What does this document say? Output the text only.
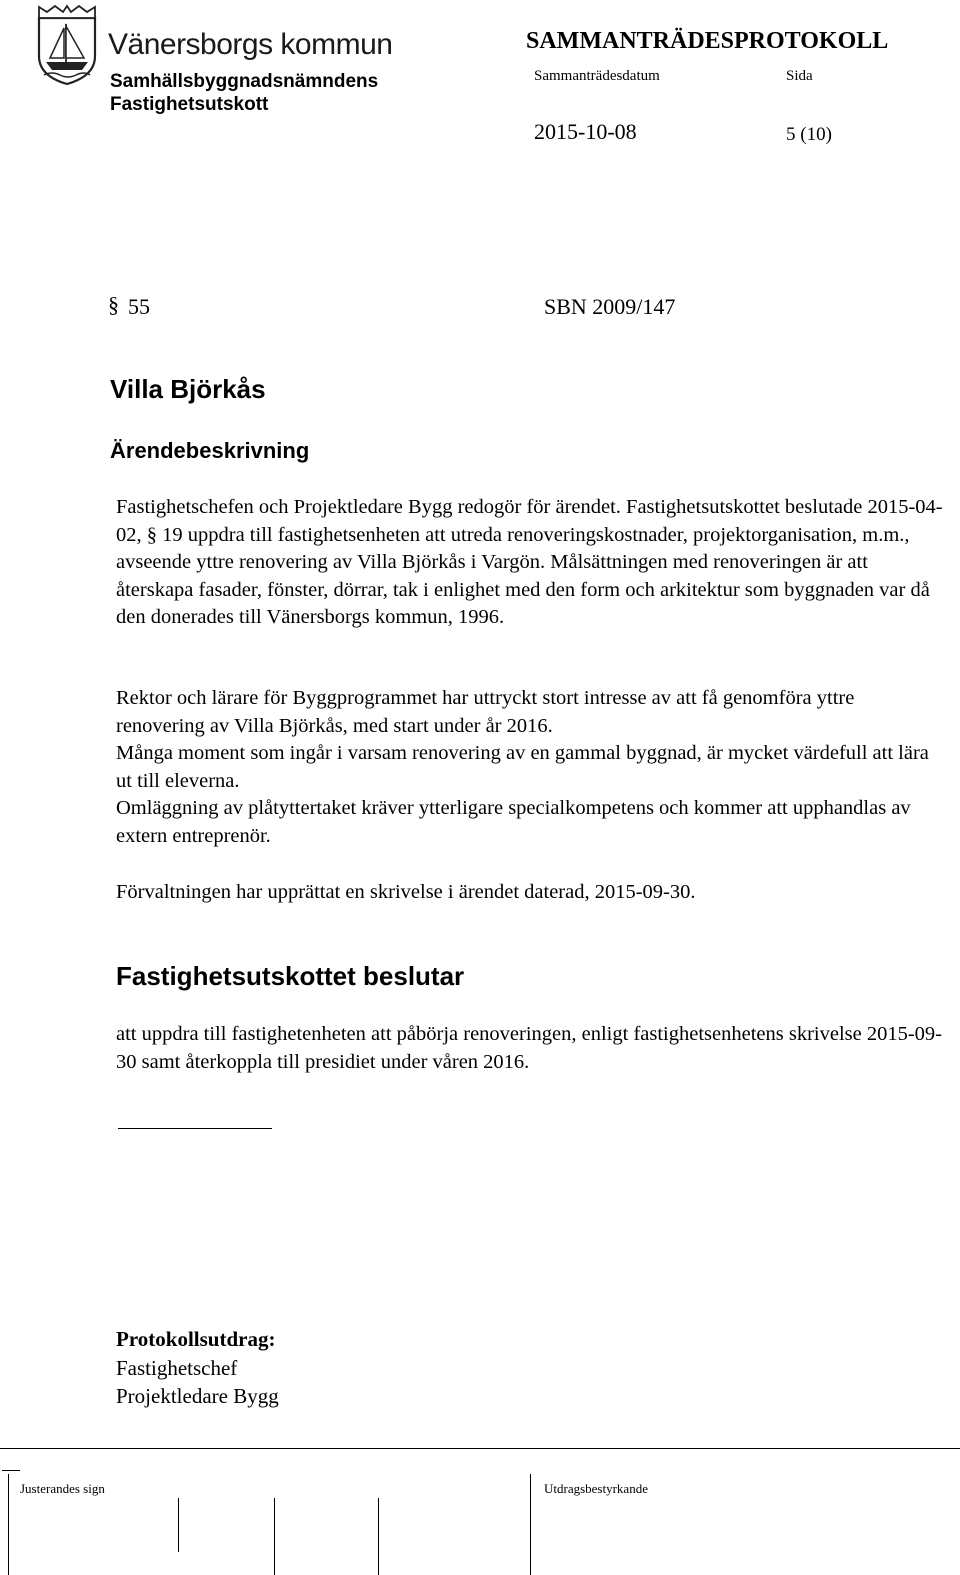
Vänersborgs kommun
Samhällsbyggnadsnämndens
Fastighetsutskott
SAMMANTRÄDESPROTOKOLL
Sammanträdesdatum	Sida
2015-10-08	5 (10)
§ 55	SBN 2009/147
Villa Björkås
Ärendebeskrivning

Fastighetschefen och Projektledare Bygg redogör för ärendet. Fastighetsutskottet beslutade 2015-04-02, § 19 uppdra till fastighetsenheten att utreda renoveringskostnader, projektorganisation, m.m., avseende yttre renovering av Villa Björkås i Vargön. Målsättningen med renoveringen är att återskapa fasader, fönster, dörrar, tak i enlighet med den form och arkitektur som byggnaden var då den donerades till Vänersborgs kommun, 1996.

Rektor och lärare för Byggprogrammet har uttryckt stort intresse av att få genomföra yttre renovering av Villa Björkås, med start under år 2016.

Många moment som ingår i varsam renovering av en gammal byggnad, är mycket värdefull att lära ut till eleverna.

Omläggning av plåtyttertaket kräver ytterligare specialkompetens och kommer att upphandlas av extern entreprenör.

Förvaltningen har upprättat en skrivelse i ärendet daterad, 2015-09-30.

Fastighetsutskottet beslutar
att uppdra till fastighetenheten att påbörja renoveringen, enligt fastighetsenhetens skrivelse 2015-09-30 samt återkoppla till presidiet under våren 2016.
Protokollsutdrag:
Fastighetschef
Projektledare Bygg
Justerandes sign	Utdragsbestyrkande
